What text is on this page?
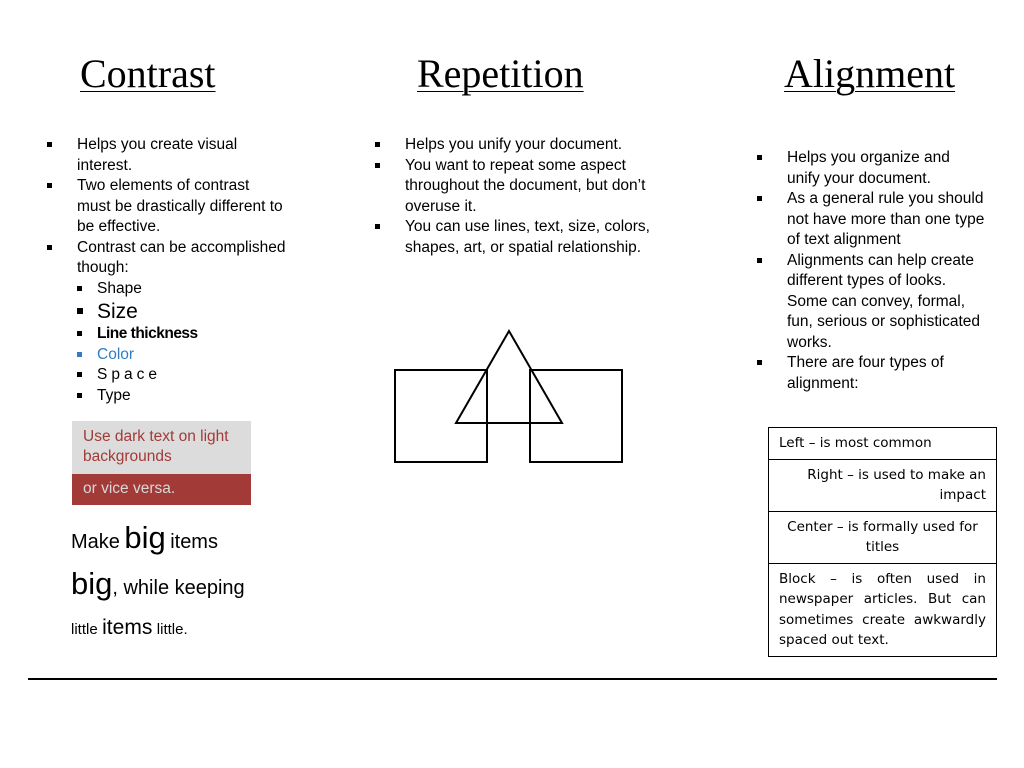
Contrast	Repetition	Alignment
Helps you create visual interest.
Two elements of contrast must be drastically different to be effective.
Contrast can be accomplished though:
Shape
Size
Line thickness
Color
Space
Type
Use dark text on light backgrounds
or vice versa.
Make big items
big, while keeping
little items little.
Helps you unify your document.
You want to repeat some aspect throughout the document, but don’t overuse it.
You can use lines, text, size, colors, shapes, art, or spatial relationship.
Helps you organize and unify your document.
As a general rule you should not have more than one type of text alignment
Alignments can help create different types of looks. Some can convey, formal, fun, serious or sophisticated works.
There are four types of alignment:
Left – is most common
Right – is used to make an impact
Center – is formally used for titles
Block – is often used in newspaper articles. But can sometimes create awkwardly spaced out text.
